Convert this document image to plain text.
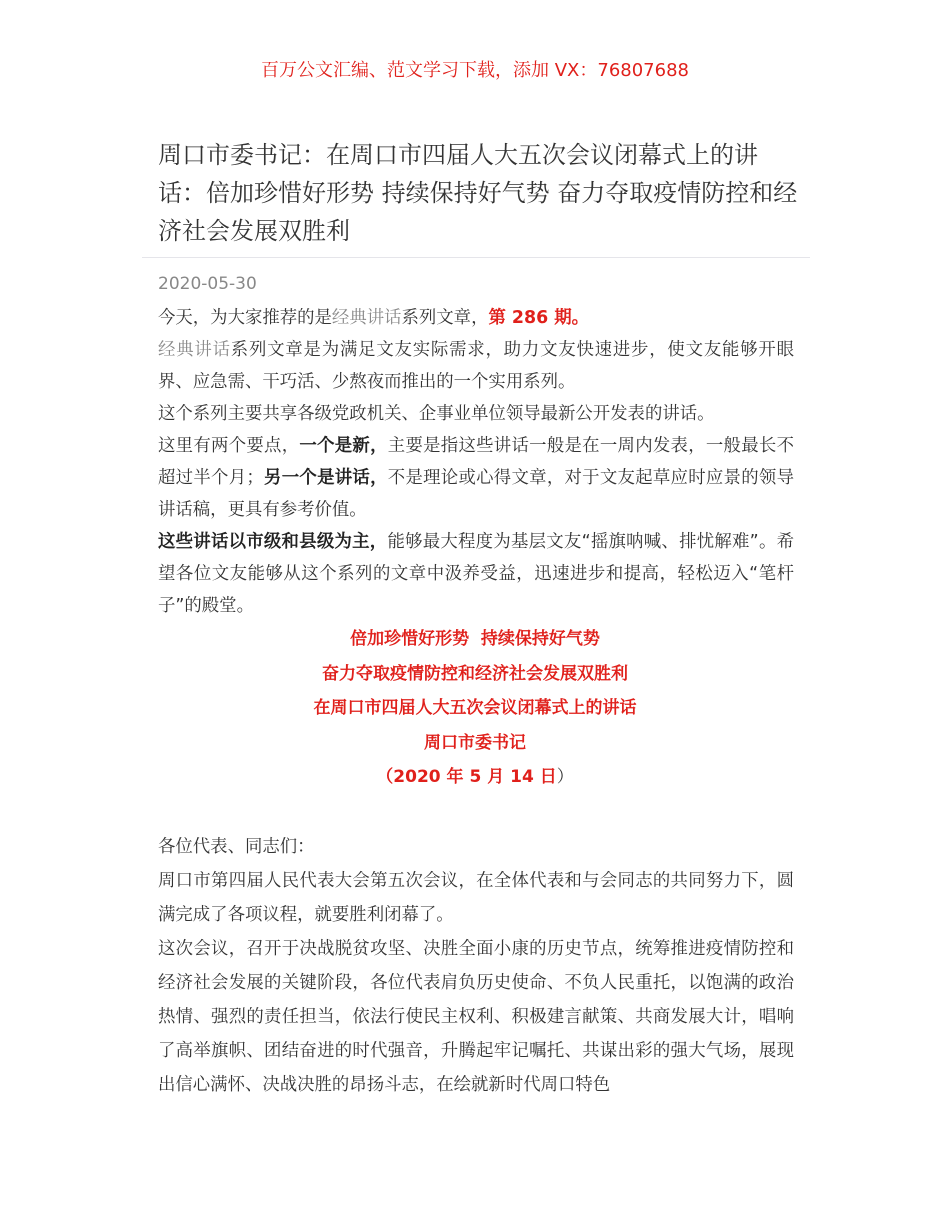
百万公文汇编、范文学习下载，添加 VX：76807688
周口市委书记：在周口市四届人大五次会议闭幕式上的讲话：倍加珍惜好形势 持续保持好气势 奋力夺取疫情防控和经济社会发展双胜利
2020-05-30

今天，为大家推荐的是经典讲话系列文章，第 286 期。

经典讲话系列文章是为满足文友实际需求，助力文友快速进步，使文友能够开眼界、应急需、干巧活、少熬夜而推出的一个实用系列。

这个系列主要共享各级党政机关、企事业单位领导最新公开发表的讲话。

这里有两个要点，一个是新，主要是指这些讲话一般是在一周内发表，一般最长不超过半个月；另一个是讲话，不是理论或心得文章，对于文友起草应时应景的领导讲话稿，更具有参考价值。

这些讲话以市级和县级为主，能够最大程度为基层文友“摇旗呐喊、排忧解难”。希望各位文友能够从这个系列的文章中汲养受益，迅速进步和提高，轻松迈入“笔杆子”的殿堂。

倍加珍惜好形势  持续保持好气势
奋力夺取疫情防控和经济社会发展双胜利
在周口市四届人大五次会议闭幕式上的讲话
周口市委书记
（2020 年 5 月 14 日）

各位代表、同志们：

周口市第四届人民代表大会第五次会议，在全体代表和与会同志的共同努力下，圆满完成了各项议程，就要胜利闭幕了。

这次会议，召开于决战脱贫攻坚、决胜全面小康的历史节点，统筹推进疫情防控和经济社会发展的关键阶段，各位代表肩负历史使命、不负人民重托，以饱满的政治热情、强烈的责任担当，依法行使民主权利、积极建言献策、共商发展大计，唱响了高举旗帜、团结奋进的时代强音，升腾起牢记嘱托、共谋出彩的强大气场，展现出信心满怀、决战决胜的昂扬斗志，在绘就新时代周口特色
